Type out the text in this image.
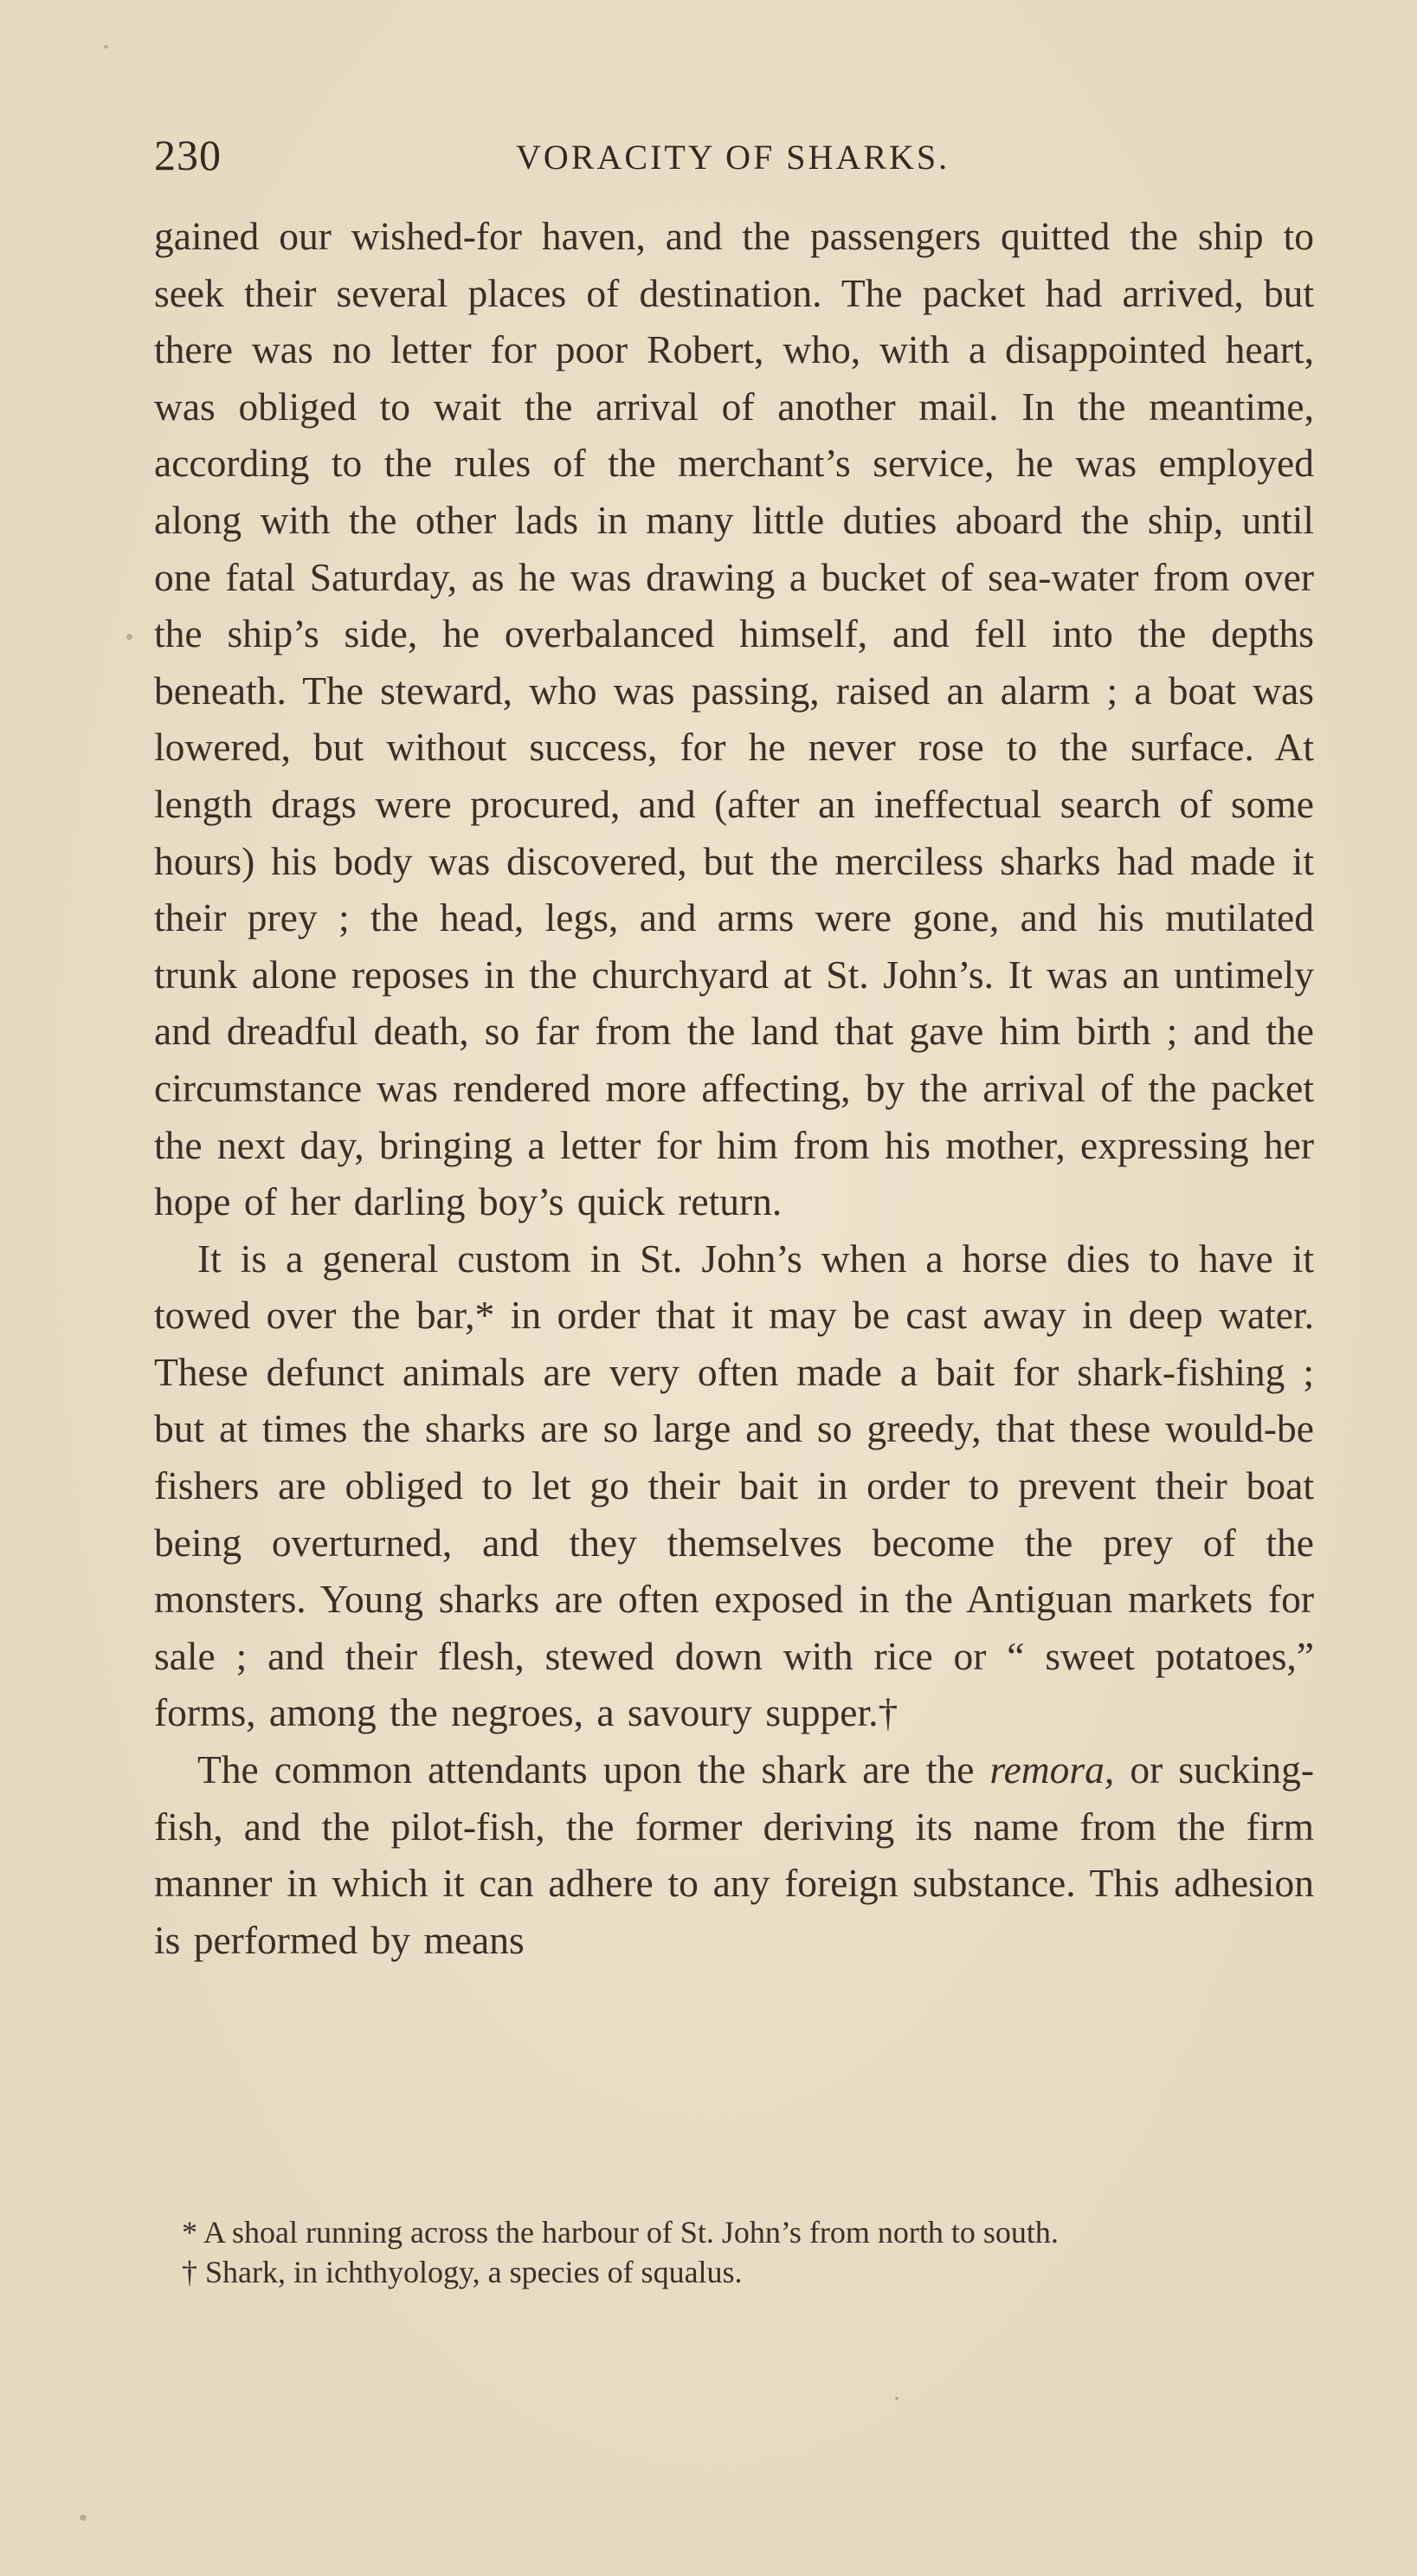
230	VORACITY OF SHARKS.

gained our wished-for haven, and the passengers quitted the ship to seek their several places of destination. The packet had arrived, but there was no letter for poor Robert, who, with a disappointed heart, was obliged to wait the arrival of another mail. In the meantime, according to the rules of the merchant’s service, he was employed along with the other lads in many little duties aboard the ship, until one fatal Saturday, as he was drawing a bucket of sea-water from over the ship’s side, he overbalanced himself, and fell into the depths beneath. The steward, who was passing, raised an alarm ; a boat was lowered, but without success, for he never rose to the surface. At length drags were procured, and (after an ineffectual search of some hours) his body was discovered, but the merciless sharks had made it their prey ; the head, legs, and arms were gone, and his mutilated trunk alone reposes in the churchyard at St. John’s. It was an untimely and dreadful death, so far from the land that gave him birth ; and the circumstance was rendered more affecting, by the arrival of the packet the next day, bringing a letter for him from his mother, expressing her hope of her darling boy’s quick return.

It is a general custom in St. John’s when a horse dies to have it towed over the bar,* in order that it may be cast away in deep water. These defunct animals are very often made a bait for shark-fishing ; but at times the sharks are so large and so greedy, that these would-be fishers are obliged to let go their bait in order to prevent their boat being overturned, and they themselves become the prey of the monsters. Young sharks are often exposed in the Antiguan markets for sale ; and their flesh, stewed down with rice or “ sweet potatoes,” forms, among the negroes, a savoury supper.†

The common attendants upon the shark are the remora, or sucking-fish, and the pilot-fish, the former deriving its name from the firm manner in which it can adhere to any foreign substance. This adhesion is performed by means

* A shoal running across the harbour of St. John’s from north to south.
† Shark, in ichthyology, a species of squalus.
